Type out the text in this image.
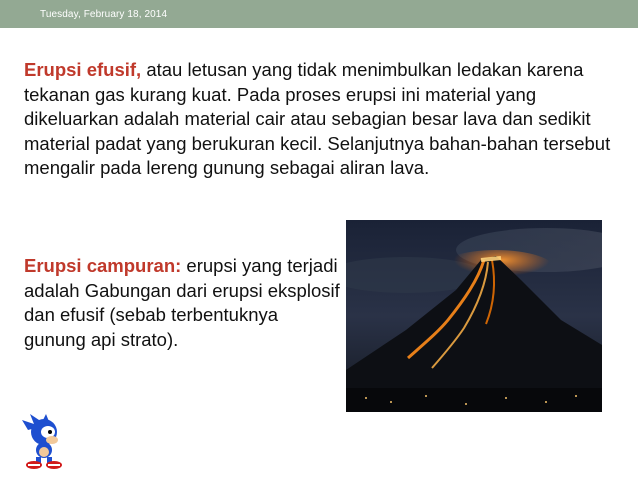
Tuesday, February 18, 2014
Erupsi efusif, atau letusan yang tidak menimbulkan ledakan karena tekanan gas kurang kuat. Pada proses erupsi ini material yang dikeluarkan adalah material cair atau sebagian besar lava dan sedikit material padat yang berukuran kecil. Selanjutnya bahan-bahan tersebut mengalir pada lereng gunung sebagai aliran lava.
Erupsi campuran: erupsi yang terjadi adalah Gabungan dari erupsi eksplosif dan efusif (sebab terbentuknya gunung api strato).
